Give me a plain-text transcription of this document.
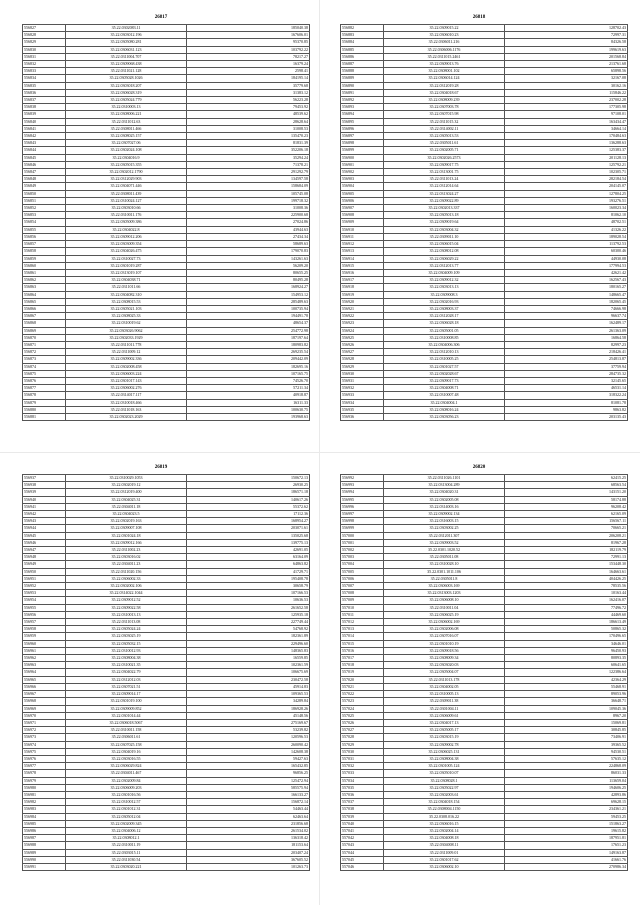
26817
556827	35.22.0302083.11	185040.38
556828	35.22.0303012.196	167606.01
556829	35.22.0305080.281	95370.85
556830	35.22.0306031.123	103792.22
556831	35.22.0311004.707	78217.27
556832	35.22.0309068.438	16379.24
556833	35.22.0311021.128	2598.41
556834	35.22.0305028.1026	184195.14
556835	35.22.0303018.207	35779.68
556836	35.22.0306028.319	31383.12
556837	35.22.0305024.779	56223.28
556838	35.22.0310003.13	79453.92
556839	35.22.0308006.221	48539.62
556840	35.22.0311012.63	28628.64
556841	35.22.0308011.466	31008.53
556842	35.22.0308025.157	135470.23
556843	35.22.0307027.06	81831.39
556844	35.22.0302024.108	352206.18
556845	35.22.0304016.9	35294.24
556846	35.22.0305015.355	71378.21
556847	35.22.0302012.1790	291292.79
556848	35.22.0312029.903	134597.58
556849	35.22.0304071.446	158684.09
556850	35.22.0308011.439	105745.08
556851	35.22.0310024.127	199718.32
556852	35.22.0303010.66	31008.36
556853	35.22.0310011.176	225900.68
556854	35.22.0305009.386	27024.86
556855	35.22.0304022.8	43944.63
556856	35.22.0309012.206	27434.34
556857	35.22.0303009.354	58689.63
556858	35.22.0304026.475	179070.83
556859	35.22.0310027.73	143261.63
556860	35.22.0301019.287	56209.20
556861	35.22.0313019.107	80655.25
556862	35.22.0304038.71	80495.28
556863	35.22.0311011.66	168924.27
556864	35.22.0304082.310	154953.12
556865	35.22.0308015.53	285489.63
556866	35.22.0305021.103	100735.94
556867	35.22.0308025.33	194491.78
556868	35.22.0310019.62	48654.37
556869	35.22.0303026.9062	254772.98
556870	35.22.0302033.1929	187197.64
556871	35.22.0311011.778	180983.82
556872	35.22.0311009.12	269235.54
556873	35.22.0309002.336	209442.09
556874	35.22.0302008.458	182695.16
556875	35.22.0306003.224	107165.75
556876	35.22.0301017.143	74526.70
556877	35.22.0306002.276	57211.34
556878	35.22.0314017.117	40918.87
556879	35.22.0310018.466	16311.33
556880	35.22.0311018.163	100630.75
556881	35.22.0302023.2029	193968.63
26818
556882	35.22.0309015.22	128702.43
556883	35.22.0306010.23	72997.31
556884	35.22.0306011.216	84326.58
556885	35.22.0306006.1176	199619.63
556886	35.22.0311015.2461	201568.84
556887	35.22.0309013.76	213761.68
556888	35.22.0308001.102	65898.56
556889	35.22.0306014.124	32167.08
556890	35.22.0312019.28	30162.16
556891	35.22.0304018.67	115846.22
556892	35.22.0308009.239	237002.28
556893	35.22.0307003.78	177305.98
556894	35.22.0307015.98	97108.01
556895	35.22.0311015.32	163434.47
556896	35.22.0314002.11	34664.14
556897	35.22.0305013.53	170484.63
556898	35.22.0305011.61	136288.63
556899	35.22.0302005.71	125383.37
556900	35.22.0302026.2573	201128.13
556901	35.22.0309017.75	125792.21
556902	35.22.0313001.75	102305.71
556903	35.22.0311013.24	282184.54
556904	35.22.0312014.64	204145.07
556905	35.22.0313024.27	127804.25
556906	35.22.0309022.89	193276.51
556907	35.22.0302013.337	160023.34
556908	35.22.0305013.18	81062.10
556909	35.22.0309019.64	48702.51
556910	35.22.0303004.32	41326.22
556911	35.22.0309011.10	189028.54
556912	35.22.0306015.04	113792.53
556913	35.22.0308012.08	60300.46
556914	35.22.0306029.22	44930.08
556915	35.22.0312013.77	177994.53
556916	35.22.0304009.109	42621.42
556917	35.22.0309012.32	162567.43
556918	35.22.0303013.13	180165.27
556919	35.22.0309008.3	148665.47
556920	35.22.0302016.93	182065.45
556921	35.22.0308003.37	74666.98
556922	35.22.0312028.17	96637.74
556923	35.22.0306028.18	162489.17
556924	35.22.0305001.05	261363.09
556925	35.22.0310008.85	16864.58
556926	35.22.0304006.306	82997.23
556927	35.22.0312010.13	218426.41
556928	35.22.0310005.25	254813.87
556929	35.22.0301027.57	37759.94
556930	35.22.0302028.67	284735.32
556931	35.22.0309017.73	32145.65
556932	35.22.0304008.71	46531.14
556933	35.22.0310007.48	318322.24
556934	35.22.0304004.1	81081.78
556935	35.22.0308016.24	9863.82
556936	35.22.0303056.23	203135.43
26819
556937	35.22.0310029.1053	150672.13
556938	35.22.0302019.12	26930.25
556939	35.22.0312019.400	186571.18
556940	35.22.0304025.31	140617.26
556941	35.22.0304011.18	55372.62
556942	35.22.0304023.5	17112.36
556943	35.22.0302019.163	168954.27
556944	35.22.0309007.108	203071.61
556945	35.22.0301024.18	135025.68
556946	35.22.0309012.166	139775.13
556947	35.22.0311002.23	42691.05
556948	35.22.0303016.02	63164.09
556949	35.22.0304011.23	64863.82
556950	35.22.0311020.156	41729.71
556951	35.22.0306002.33	195408.78
556952	35.22.0302002.106	30658.79
556953	35.22.0314022.1044	107166.53
556954	35.22.0309012.52	10636.53
556955	35.22.0309022.58	261652.58
556956	35.22.0310013.13	125935.18
556957	35.22.0311013.08	227749.44
556958	35.22.0305024.24	54768.92
556959	35.22.0303025.19	182361.89
556960	35.22.0305032.15	229496.60
556961	35.22.0310012.93	148365.83
556962	35.22.0308004.38	16559.85
556963	35.22.0310021.35	102361.59
556964	35.22.0304022.79	106675.69
556965	35.22.0312012.03	230472.58
556966	35.22.0307021.51	45914.83
556967	35.22.0309014.17	109365.53
556968	35.22.0301019.100	34289.84
556969	35.22.0309009.852	186928.26
556970	35.22.0301014.44	45148.56
556971	35.22.0306018.5067	275169.67
556972	35.22.0310011.158	53239.82
556973	35.22.0306011.61	120596.53
556974	35.22.0307025.158	260090.42
556975	35.22.0304019.16	142608.38
556976	35.22.0303016.55	59427.63
556977	35.22.0306029.824	165432.85
556978	35.22.0304011.467	96856.25
556979	35.22.0302009.84	125472.94
556980	35.22.0306009.203	585575.94
556981	35.22.0301016.56	166133.27
556982	35.22.0310012.57	156872.14
556983	35.22.0301012.31	54463.44
556984	35.22.0305012.04	62463.64
556985	35.22.0302009.345	231856.68
556986	35.22.0304006.12	261534.02
556987	35.22.0308012.1	136318.42
556988	35.22.0310011.19	181153.64
556989	35.22.0303015.11	203407.24
556990	35.22.0311030.54	367605.52
556991	35.22.0303020.221	101263.73
26820
556992	35.22.0311026.1101	62415.25
556993	35.22.0313004.289	68563.54
556994	35.22.0304020.31	143151.20
556995	35.22.0302005.08	58174.88
556996	35.22.0314003.16	96208.42
556997	35.22.0309002.134	62165.09
556998	35.22.0316003.15	156567.11
556999	35.22.0303002.25	70665.21
557000	35.22.0312011.307	206208.21
557001	35.22.0309003.52	81967.28
557002	35.22.0301.1020.52	182119.79
557003	35.22.0305011.08	72991.13
557004	35.22.0310028.10	153448.30
557005	35.22.0301.1011.106	164663.61
557006	35.22.0305011.8	404426.25
557007	35.22.0306003.169	78535.56
557008	35.22.0313003.1203	10163.44
557009	35.22.0306008.10	162416.07
557010	35.22.0310011.04	77496.72
557011	35.22.0306025.19	44469.60
557012	35.22.0306002.169	186613.49
557013	35.22.0302006.08	50865.32
557014	35.22.0307016.07	170496.65
557015	35.22.0301010.19	34646.01
557016	35.22.0309018.56	96450.93
557017	35.22.0308009.34	80893.35
557018	35.22.0303020.03	60641.65
557019	35.22.0305004.07	122386.64
557020	35.22.0311013.178	42364.29
557021	35.22.0304002.05	55468.91
557022	35.22.0310005.13	89053.96
557023	35.22.0309011.38	36648.71
557024	35.22.0301004.11	109045.36
557025	35.22.0306009.61	8967.20
557026	35.22.0304017.13	15069.81
557027	35.22.0305005.17	30845.85
557028	35.22.0303015.19	73406.91
557029	35.22.0309002.78	39365.52
557030	35.22.0306025.131	94530.51
557031	35.22.0308004.38	57635.12
557032	35.22.0301005.124	224868.09
557033	35.22.0305010.07	86031.33
557034	35.22.0308028.1	113659.04
557035	35.22.0305022.97	194606.25
557036	35.22.0302003.61	42893.86
557037	35.22.0304018.154	69628.15
557038	35.22.0308004.1150	234361.21
557039	35.22.0308.016.22	59453.25
557040	35.22.0306016.15	151863.27
557041	35.22.0302004.14	19615.82
557042	35.22.0304008.18	187951.81
557043	35.22.0304008.11	17651.23
557044	35.22.0311009.01	149163.87
557045	35.22.0301017.62	41661.76
557046	35.22.0306002.10	270986.34
